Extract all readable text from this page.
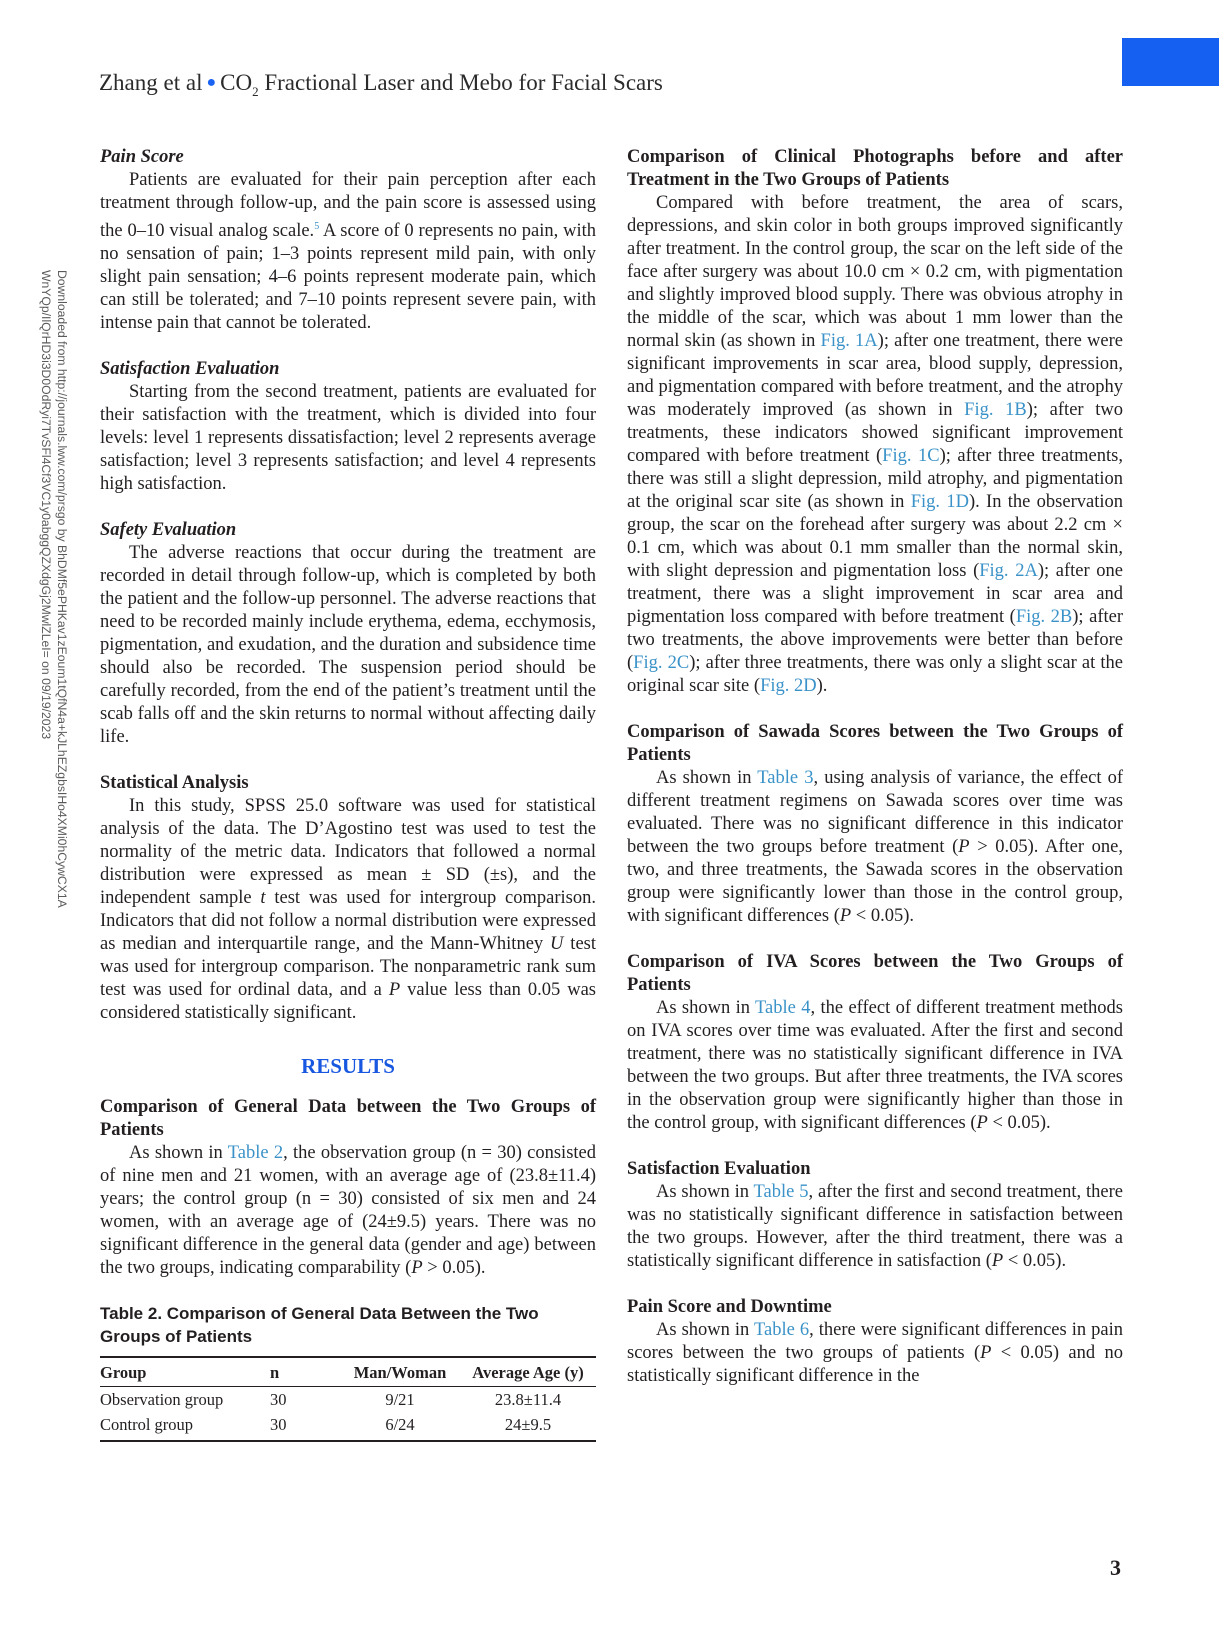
Zhang et al ● $CO_2$ Fractional Laser and Mebo for Facial Scars
Downloaded from http://journals.lww.com/prsgo by BhDMf5ePHKav1zEoum1tQfN4a+kJLhEZgbsIHo4XMi0hCywCX1A
WnYQp/IlQrHD3i3D0OdRyi7TvSFl4Cf3VC1y0abggQZXdgGj2MwlZLeI= on 09/19/2023

Pain Score

Patients are evaluated for their pain perception after each treatment through follow-up, and the pain score is assessed using the 0–10 visual analog scale.$^5$ A score of 0 represents no pain, with no sensation of pain; 1–3 points represent mild pain, with only slight pain sensation; 4–6 points represent moderate pain, which can still be tolerated; and 7–10 points represent severe pain, with intense pain that cannot be tolerated.

Satisfaction Evaluation

Starting from the second treatment, patients are evaluated for their satisfaction with the treatment, which is divided into four levels: level 1 represents dissatisfaction; level 2 represents average satisfaction; level 3 represents satisfaction; and level 4 represents high satisfaction.

Safety Evaluation

The adverse reactions that occur during the treatment are recorded in detail through follow-up, which is completed by both the patient and the follow-up personnel. The adverse reactions that need to be recorded mainly include erythema, edema, ecchymosis, pigmentation, and exudation, and the duration and subsidence time should also be recorded. The suspension period should be carefully recorded, from the end of the patient’s treatment until the scab falls off and the skin returns to normal without affecting daily life.

Statistical Analysis

In this study, SPSS 25.0 software was used for statistical analysis of the data. The D’Agostino test was used to test the normality of the metric data. Indicators that followed a normal distribution were expressed as mean ± SD (±s), and the independent sample t test was used for intergroup comparison. Indicators that did not follow a normal distribution were expressed as median and interquartile range, and the Mann-Whitney U test was used for intergroup comparison. The nonparametric rank sum test was used for ordinal data, and a P value less than 0.05 was considered statistically significant.

RESULTS

Comparison of General Data between the Two Groups of Patients

As shown in Table 2, the observation group (n = 30) consisted of nine men and 21 women, with an average age of (23.8±11.4) years; the control group (n = 30) consisted of six men and 24 women, with an average age of (24±9.5) years. There was no significant difference in the general data (gender and age) between the two groups, indicating comparability (P > 0.05).

Table 2. Comparison of General Data Between the Two Groups of Patients

Group	n	Man/Woman	Average Age (y)
Observation group	30	9/21	23.8±11.4
Control group	30	6/24	24±9.5

Comparison of Clinical Photographs before and after Treatment in the Two Groups of Patients

Compared with before treatment, the area of scars, depressions, and skin color in both groups improved significantly after treatment. In the control group, the scar on the left side of the face after surgery was about 10.0 cm × 0.2 cm, with pigmentation and slightly improved blood supply. There was obvious atrophy in the middle of the scar, which was about 1 mm lower than the normal skin (as shown in Fig. 1A); after one treatment, there were significant improvements in scar area, blood supply, depression, and pigmentation compared with before treatment, and the atrophy was moderately improved (as shown in Fig. 1B); after two treatments, these indicators showed significant improvement compared with before treatment (Fig. 1C); after three treatments, there was still a slight depression, mild atrophy, and pigmentation at the original scar site (as shown in Fig. 1D). In the observation group, the scar on the forehead after surgery was about 2.2 cm × 0.1 cm, which was about 0.1 mm smaller than the normal skin, with slight depression and pigmentation loss (Fig. 2A); after one treatment, there was a slight improvement in scar area and pigmentation loss compared with before treatment (Fig. 2B); after two treatments, the above improvements were better than before (Fig. 2C); after three treatments, there was only a slight scar at the original scar site (Fig. 2D).

Comparison of Sawada Scores between the Two Groups of Patients

As shown in Table 3, using analysis of variance, the effect of different treatment regimens on Sawada scores over time was evaluated. There was no significant difference in this indicator between the two groups before treatment (P > 0.05). After one, two, and three treatments, the Sawada scores in the observation group were significantly lower than those in the control group, with significant differences (P < 0.05).

Comparison of IVA Scores between the Two Groups of Patients

As shown in Table 4, the effect of different treatment methods on IVA scores over time was evaluated. After the first and second treatment, there was no statistically significant difference in IVA between the two groups. But after three treatments, the IVA scores in the observation group were significantly higher than those in the control group, with significant differences (P < 0.05).

Satisfaction Evaluation

As shown in Table 5, after the first and second treatment, there was no statistically significant difference in satisfaction between the two groups. However, after the third treatment, there was a statistically significant difference in satisfaction (P < 0.05).

Pain Score and Downtime

As shown in Table 6, there were significant differences in pain scores between the two groups of patients (P < 0.05) and no statistically significant difference in the

3
